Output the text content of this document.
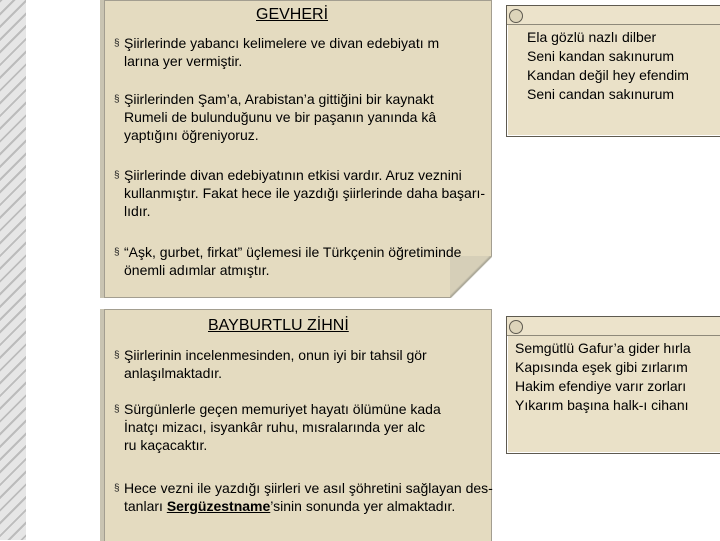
GEVHERİ
§ Şiirlerinde yabancı kelimelere ve divan edebiyatı m
larına yer vermiştir.
§ Şiirlerinden Şam’a, Arabistan’a gittiğini bir kaynakt
Rumeli de bulunduğunu ve bir paşanın yanında kâ
yaptığını öğreniyoruz.
§ Şiirlerinde divan edebiyatının etkisi vardır. Aruz veznini
kullanmıştır. Fakat hece ile yazdığı şiirlerinde daha başarı-
lıdır.
§ “Aşk, gurbet, firkat” üçlemesi ile Türkçenin öğretiminde
önemli adımlar atmıştır.
Ela gözlü nazlı dilber
Seni kandan sakınurum
Kandan değil hey efendim
Seni candan sakınurum
BAYBURTLU ZİHNİ
§ Şiirlerinin incelenmesinden, onun iyi bir tahsil gör
anlaşılmaktadır.
§ Sürgünlerle geçen memuriyet hayatı ölümüne kada
İnatçı mizacı, isyankâr ruhu, mısralarında yer alc
ru kaçacaktır.
§ Hece vezni ile yazdığı şiirleri ve asıl şöhretini sağlayan des-
tanları Sergüzestname’sinin sonunda yer almaktadır.
Semgütlü Gafur’a gider hırla
Kapısında eşek gibi zırlarım
Hakim efendiye varır zorları
Yıkarım başına halk-ı cihanı
